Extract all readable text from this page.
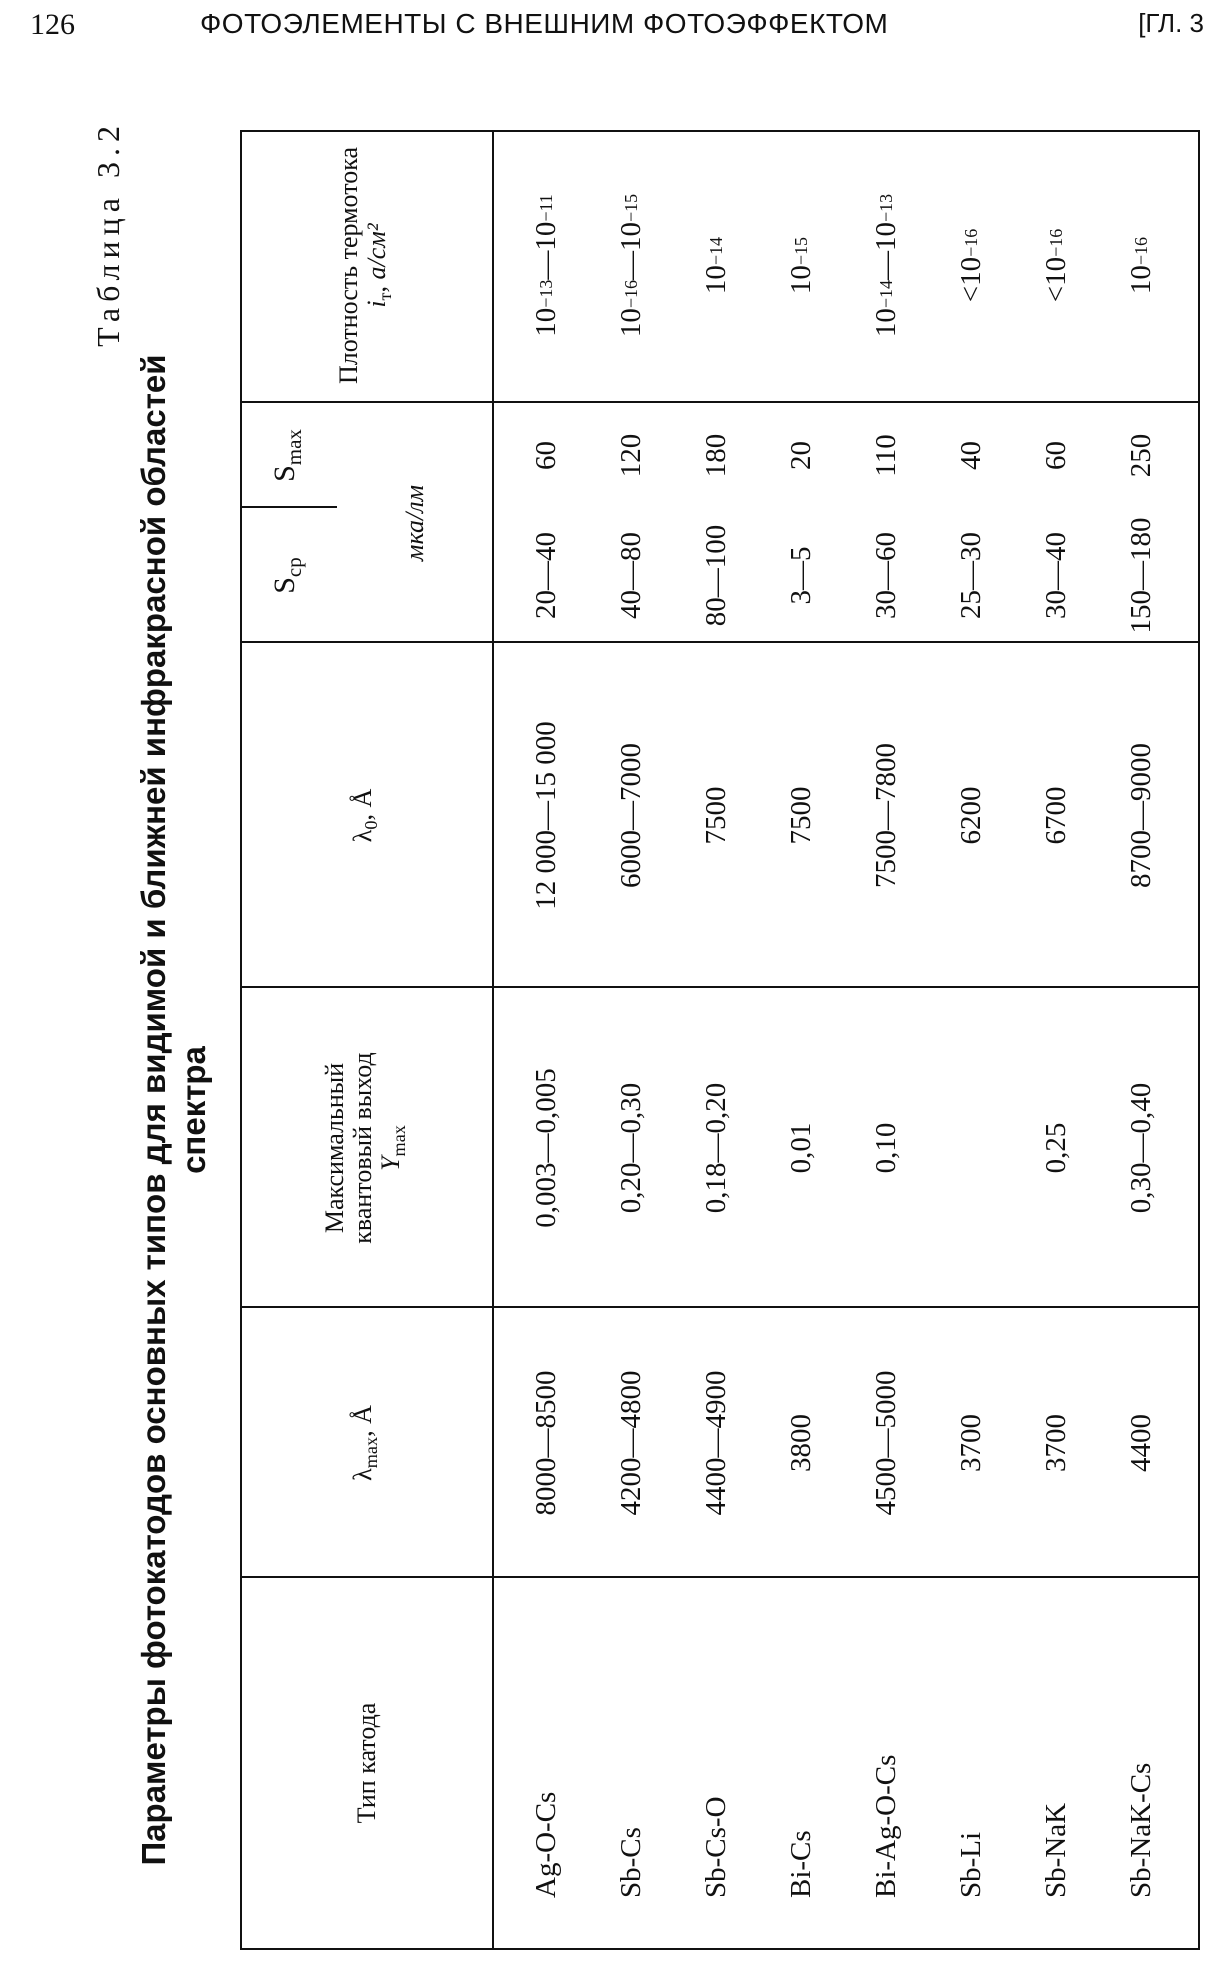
126	ФОТОЭЛЕМЕНТЫ С ВНЕШНИМ ФОТОЭФФЕКТОМ	[ГЛ. 3
Таблица 3.2
Параметры фотокатодов основных типов для видимой и ближней инфракрасной областей спектра
Тип катода
$\lambda_{max}$, Å
Максимальный квантовый выход $Y_{max}$
$\lambda_0$, Å
$S_{ср}$
$S_{max}$
мка/лм
Плотность термотока $i_т$, а/см²
Ag-O-Cs
8000—8500
0,003—0,005
12 000—15 000
20—40
60
10
−13
—
10
−11
Sb-Cs
4200—4800
0,20—0,30
6000—7000
40—80
120
10
−16
—
10
−15
Sb-Cs-O
4400—4900
0,18—0,20
7500
80—100
180
10
−14
Bi-Cs
3800
0,01
7500
3—5
20
10
−15
Bi-Ag-O-Cs
4500—5000
0,10
7500—7800
30—60
110
10
−14
—
10
−13
Sb-Li
3700
6200
25—30
40
<
10
−16
Sb-NaK
3700
0,25
6700
30—40
60
<
10
−16
Sb-NaK-Cs
4400
0,30—0,40
8700—9000
150—180
250
10
−16
